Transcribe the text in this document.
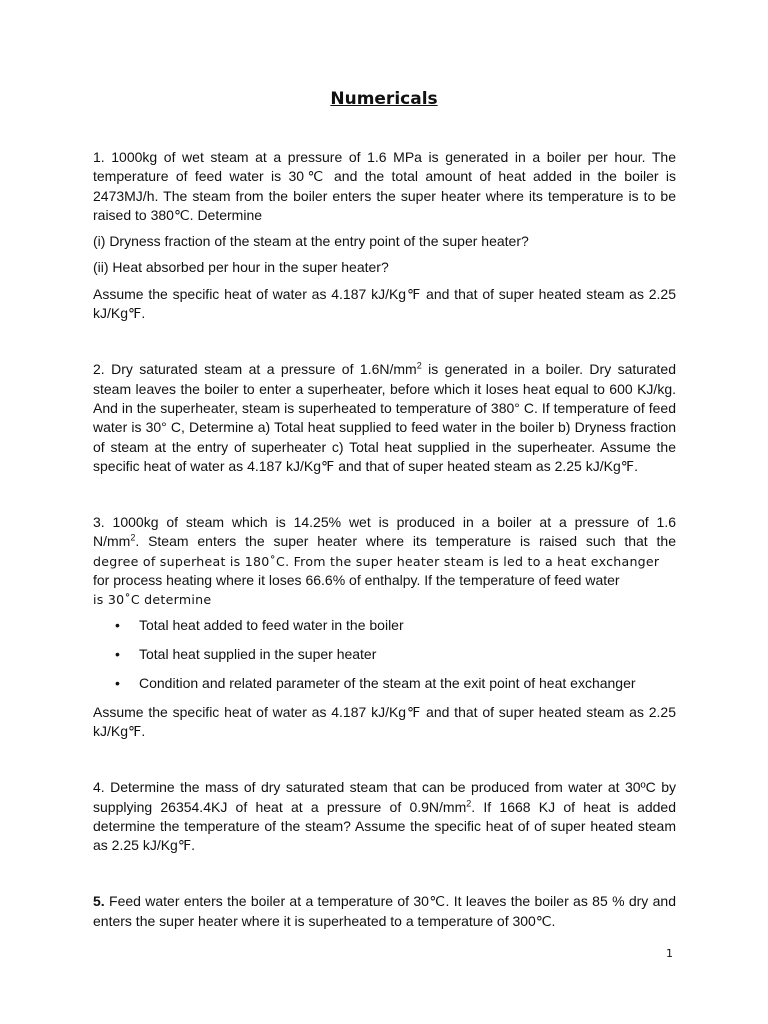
Numericals

1. 1000kg of wet steam at a pressure of 1.6 MPa is generated in a boiler per hour. The temperature of feed water is 30℃ and the total amount of heat added in the boiler is 2473MJ/h. The steam from the boiler enters the super heater where its temperature is to be raised to 380℃. Determine

(i) Dryness fraction of the steam at the entry point of the super heater?

(ii) Heat absorbed per hour in the super heater?

Assume the specific heat of water as 4.187 kJ/Kg℉ and that of super heated steam as 2.25 kJ/Kg℉.

2. Dry saturated steam at a pressure of $1.6N/mm^2$ is generated in a boiler. Dry saturated steam leaves the boiler to enter a superheater, before which it loses heat equal to 600 KJ/kg. And in the superheater, steam is superheated to temperature of 380° C. If temperature of feed water is 30° C, Determine a) Total heat supplied to feed water in the boiler b) Dryness fraction of steam at the entry of superheater c) Total heat supplied in the superheater. Assume the specific heat of water as 4.187 kJ/Kg℉ and that of super heated steam as 2.25 kJ/Kg℉.

3. 1000kg of steam which is 14.25% wet is produced in a boiler at a pressure of 1.6

$N/mm^2$. Steam enters the super heater where its temperature is raised such that the

degree of superheat is 180˚C. From the super heater steam is led to a heat exchanger

for process heating where it loses 66.6% of enthalpy. If the temperature of feed water

is 30˚C determine

• Total heat added to feed water in the boiler
• Total heat supplied in the super heater
• Condition and related parameter of the steam at the exit point of heat exchanger

Assume the specific heat of water as 4.187 kJ/Kg℉ and that of super heated steam as 2.25 kJ/Kg℉.

4. Determine the mass of dry saturated steam that can be produced from water at 30ºC by supplying 26354.4KJ of heat at a pressure of $0.9N/mm^2$. If 1668 KJ of heat is added determine the temperature of the steam? Assume the specific heat of of super heated steam as 2.25 kJ/Kg℉.

5. Feed water enters the boiler at a temperature of 30℃. It leaves the boiler as 85 % dry and enters the super heater where it is superheated to a temperature of 300℃.

1
